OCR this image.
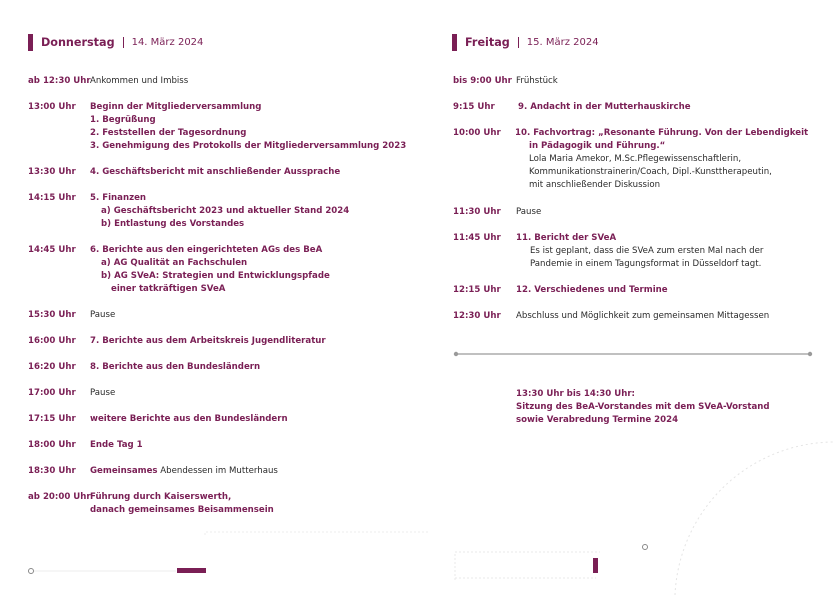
Donnerstag 14. März 2024
ab 12:30 Uhr Ankommen und Imbiss
13:00 Uhr Beginn der Mitgliederversammlung
1. Begrüßung
2. Feststellen der Tagesordnung
3. Genehmigung des Protokolls der Mitgliederversammlung 2023
13:30 Uhr 4. Geschäftsbericht mit anschließender Aussprache
14:15 Uhr 5. Finanzen
a) Geschäftsbericht 2023 und aktueller Stand 2024
b) Entlastung des Vorstandes
14:45 Uhr 6. Berichte aus den eingerichteten AGs des BeA
a) AG Qualität an Fachschulen
b) AG SVeA: Strategien und Entwicklungspfade
einer tatkräftigen SVeA
15:30 Uhr Pause
16:00 Uhr 7. Berichte aus dem Arbeitskreis Jugendliteratur
16:20 Uhr 8. Berichte aus den Bundesländern
17:00 Uhr Pause
17:15 Uhr weitere Berichte aus den Bundesländern
18:00 Uhr Ende Tag 1
18:30 Uhr Gemeinsames Abendessen im Mutterhaus
ab 20:00 Uhr Führung durch Kaiserswerth,
danach gemeinsames Beisammensein
Freitag 15. März 2024
bis 9:00 Uhr Frühstück
9:15 Uhr	9. Andacht in der Mutterhauskirche
10:00 Uhr 10. Fachvortrag: „Resonante Führung. Von der Lebendigkeit
in Pädagogik und Führung.“
Lola Maria Amekor, M.Sc.Pflegewissenschaftlerin,
Kommunikationstrainerin/Coach, Dipl.-Kunsttherapeutin,
mit anschließender Diskussion
11:30 Uhr Pause
11:45 Uhr 11. Bericht der SVeA
Es ist geplant, dass die SVeA zum ersten Mal nach der
Pandemie in einem Tagungsformat in Düsseldorf tagt.
12:15 Uhr 12. Verschiedenes und Termine
12:30 Uhr Abschluss und Möglichkeit zum gemeinsamen Mittagessen
13:30 Uhr bis 14:30 Uhr:
Sitzung des BeA-Vorstandes mit dem SVeA-Vorstand
sowie Verabredung Termine 2024
